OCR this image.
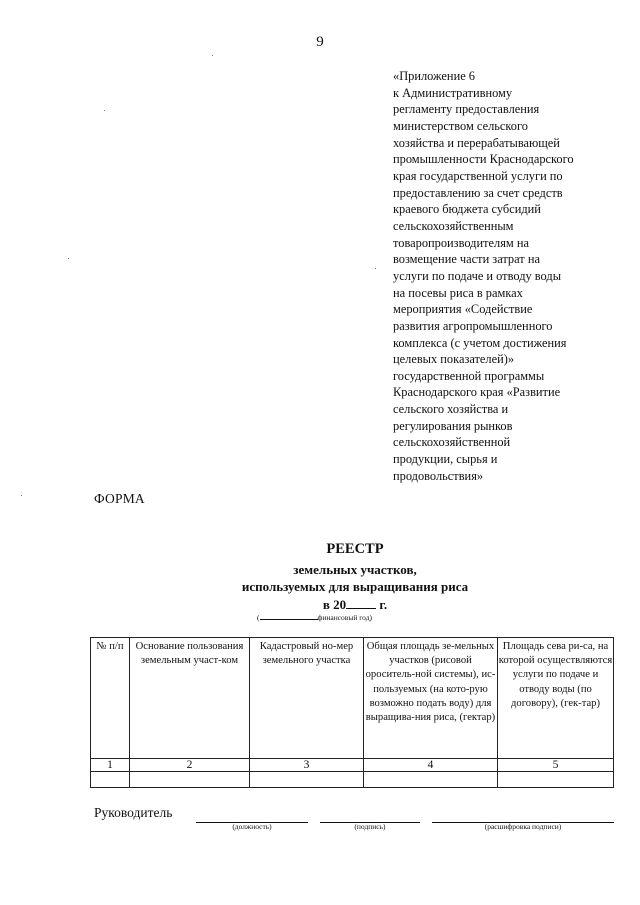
9
«Приложение 6
к Административному
регламенту предоставления
министерством сельского
хозяйства и перерабатывающей
промышленности Краснодарского
края государственной услуги по
предоставлению за счет средств
краевого бюджета субсидий
сельскохозяйственным
товаропроизводителям на
возмещение части затрат на
услуги по подаче и отводу воды
на посевы риса в рамках
мероприятия «Содействие
развития агропромышленного
комплекса (с учетом достижения
целевых показателей)»
государственной программы
Краснодарского края «Развитие
сельского хозяйства и
регулирования рынков
сельскохозяйственной
продукции, сырья и
продовольствия»
ФОРМА
РЕЕСТР
земельных участков,
используемых для выращивания риса
в 20	г.
(	финансовый год)
№ п/п	Основание пользования земельным участ-ком	Кадастровый но-мер земельного участка	Общая площадь зе-мельных участков (рисовой ороситель-ной системы), ис-пользуемых (на кото-рую возможно подать воду) для выращива-ния риса, (гектар)	Площадь сева ри-са, на которой осуществляются услуги по подаче и отводу воды (по договору), (гек-тар)
1	2	3	4	5

Руководитель
(должность)	(подпись)	(расшифровка подписи)
